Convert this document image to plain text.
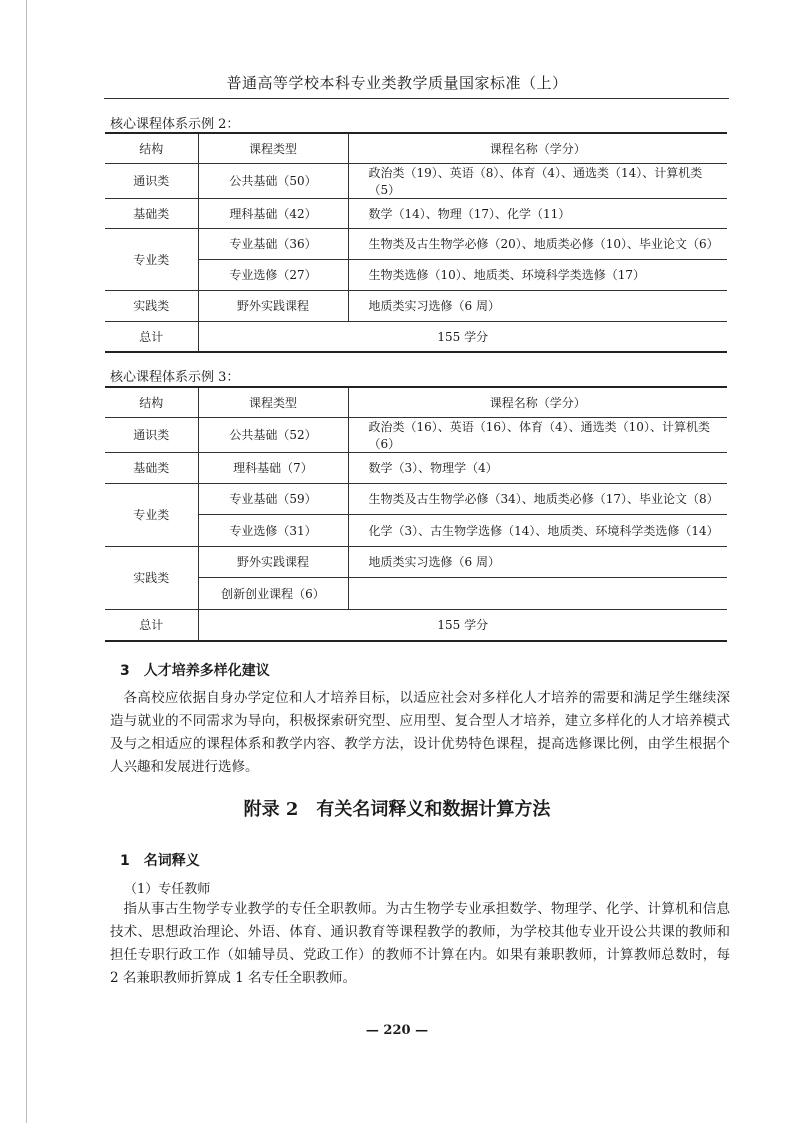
普通高等学校本科专业类教学质量国家标准（上）
核心课程体系示例 2：
结构	课程类型	课程名称（学分）
通识类	公共基础（50）	政治类（19）、英语（8）、体育（4）、通选类（14）、计算机类（5）
基础类	理科基础（42）	数学（14）、物理（17）、化学（11）
专业类	专业基础（36）	生物类及古生物学必修（20）、地质类必修（10）、毕业论文（6）
	专业选修（27）	生物类选修（10）、地质类、环境科学类选修（17）
实践类	野外实践课程	地质类实习选修（6 周）
总计	155 学分	
核心课程体系示例 3：
结构	课程类型	课程名称（学分）
通识类	公共基础（52）	政治类（16）、英语（16）、体育（4）、通选类（10）、计算机类（6）
基础类	理科基础（7）	数学（3）、物理学（4）
专业类	专业基础（59）	生物类及古生物学必修（34）、地质类必修（17）、毕业论文（8）
	专业选修（31）	化学（3）、古生物学选修（14）、地质类、环境科学类选修（14）
实践类	野外实践课程	地质类实习选修（6 周）
	创新创业课程（6）	
总计	155 学分	
3 人才培养多样化建议
各高校应依据自身办学定位和人才培养目标，以适应社会对多样化人才培养的需要和满足学生继续深造与就业的不同需求为导向，积极探索研究型、应用型、复合型人才培养，建立多样化的人才培养模式及与之相适应的课程体系和教学内容、教学方法，设计优势特色课程，提高选修课比例，由学生根据个人兴趣和发展进行选修。
附录 2 有关名词释义和数据计算方法
1 名词释义
（1）专任教师
指从事古生物学专业教学的专任全职教师。为古生物学专业承担数学、物理学、化学、计算机和信息技术、思想政治理论、外语、体育、通识教育等课程教学的教师，为学校其他专业开设公共课的教师和担任专职行政工作（如辅导员、党政工作）的教师不计算在内。如果有兼职教师，计算教师总数时，每 2 名兼职教师折算成 1 名专任全职教师。
— 220 —
